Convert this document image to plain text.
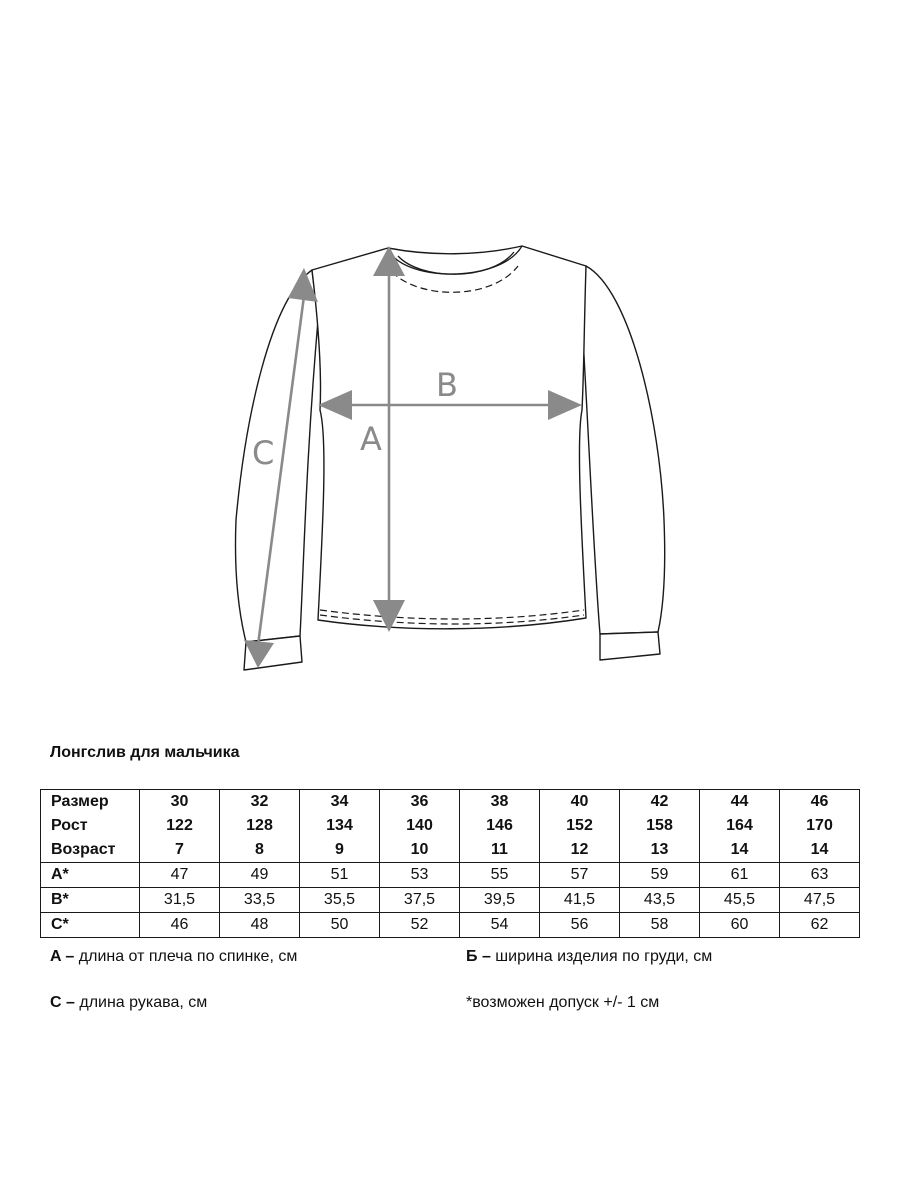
A
B
C
Лонгслив для мальчика
Размер	30	32	34	36	38	40	42	44	46
Рост	122	128	134	140	146	152	158	164	170
Возраст	7	8	9	10	11	12	13	14	14
A*	47	49	51	53	55	57	59	61	63
B*	31,5	33,5	35,5	37,5	39,5	41,5	43,5	45,5	47,5
C*	46	48	50	52	54	56	58	60	62
A – длина от плеча по спинке, см	Б – ширина изделия по груди, см
C – длина рукава, см	*возможен допуск +/- 1 см
